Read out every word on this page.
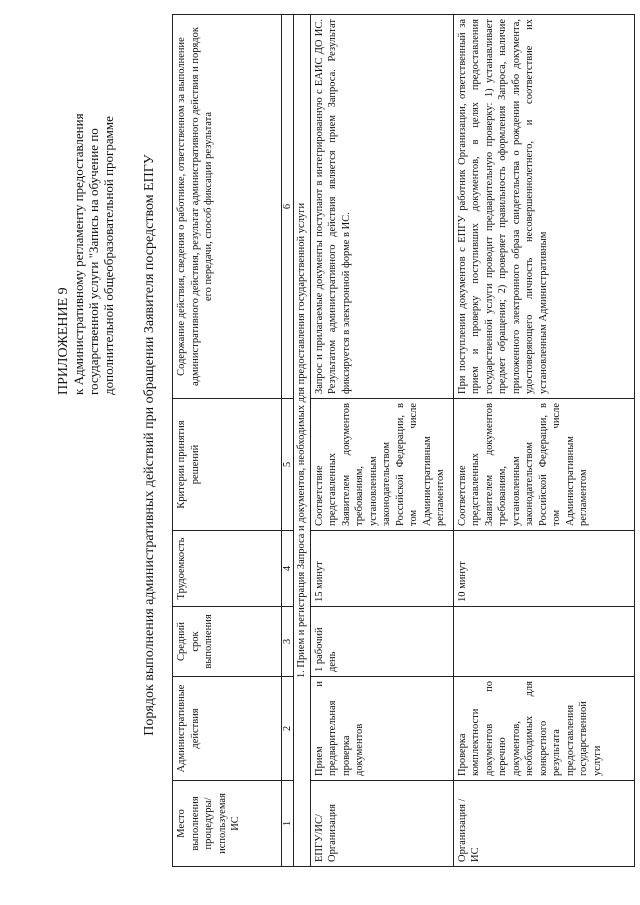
ПРИЛОЖЕНИЕ 9 к Административному регламенту предоставления государственной услуги "Запись на обучение по дополнительной общеобразовательной программе Порядок выполнения административных действий при обращении Заявителя посредством ЕПГУ
Место выполнения процедуры/ используемая ИС	Административные действия	Средний срок выполнения	Трудоемкость	Критерии принятия решений	Содержание действия, сведения о работнике, ответственном за выполнение административного действия, результат административного действия и порядок его передачи, способ фиксации результата
1	2	3	4	5	6
1. Прием и регистрация Запроса и документов, необходимых для предоставления государственной услуги					
ЕПГУ/ИС/ Организация	Прием и предварительная проверка документов	1 рабочий день	15 минут	Соответствие представленных Заявителем документов требованиям, установленным законодательством Российской Федерации, в том числе Административным регламентом	Запрос и прилагаемые документы поступают в интегрированную с ЕАИС ДО ИС. Результатом административного действия является прием Запроса. Результат фиксируется в электронной форме в ИС.
Организация / ИС	Проверка комплектности документов по перечню документов, необходимых для конкретного результата предоставления государственной услуги		10 минут	Соответствие представленных Заявителем документов требованиям, установленным законодательством Российской Федерации, в том числе Административным регламентом	При поступлении документов с ЕПГУ работник Организации, ответственный за прием и проверку поступивших документов, в целях предоставления государственной услуги проводит предварительную проверку: 1) устанавливает предмет обращения; 2) проверяет правильность оформления Запроса, наличие приложенного электронного образа свидетельства о рождении либо документа, удостоверяющего личность несовершеннолетнего, и соответствие их установленным Административным
